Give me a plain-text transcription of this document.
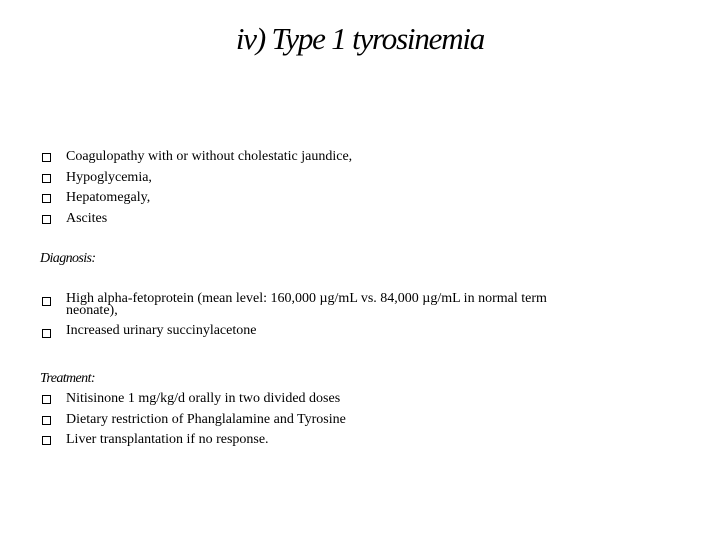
iv) Type 1 tyrosinemia
Coagulopathy with or without cholestatic jaundice,
Hypoglycemia,
Hepatomegaly,
Ascites
Diagnosis:
High alpha-fetoprotein (mean level: 160,000 µg/mL vs. 84,000 µg/mL in normal term
neonate),
Increased urinary succinylacetone
Treatment:
Nitisinone 1 mg/kg/d orally in two divided doses
Dietary restriction of Phanglalamine and Tyrosine
Liver transplantation if no response.
